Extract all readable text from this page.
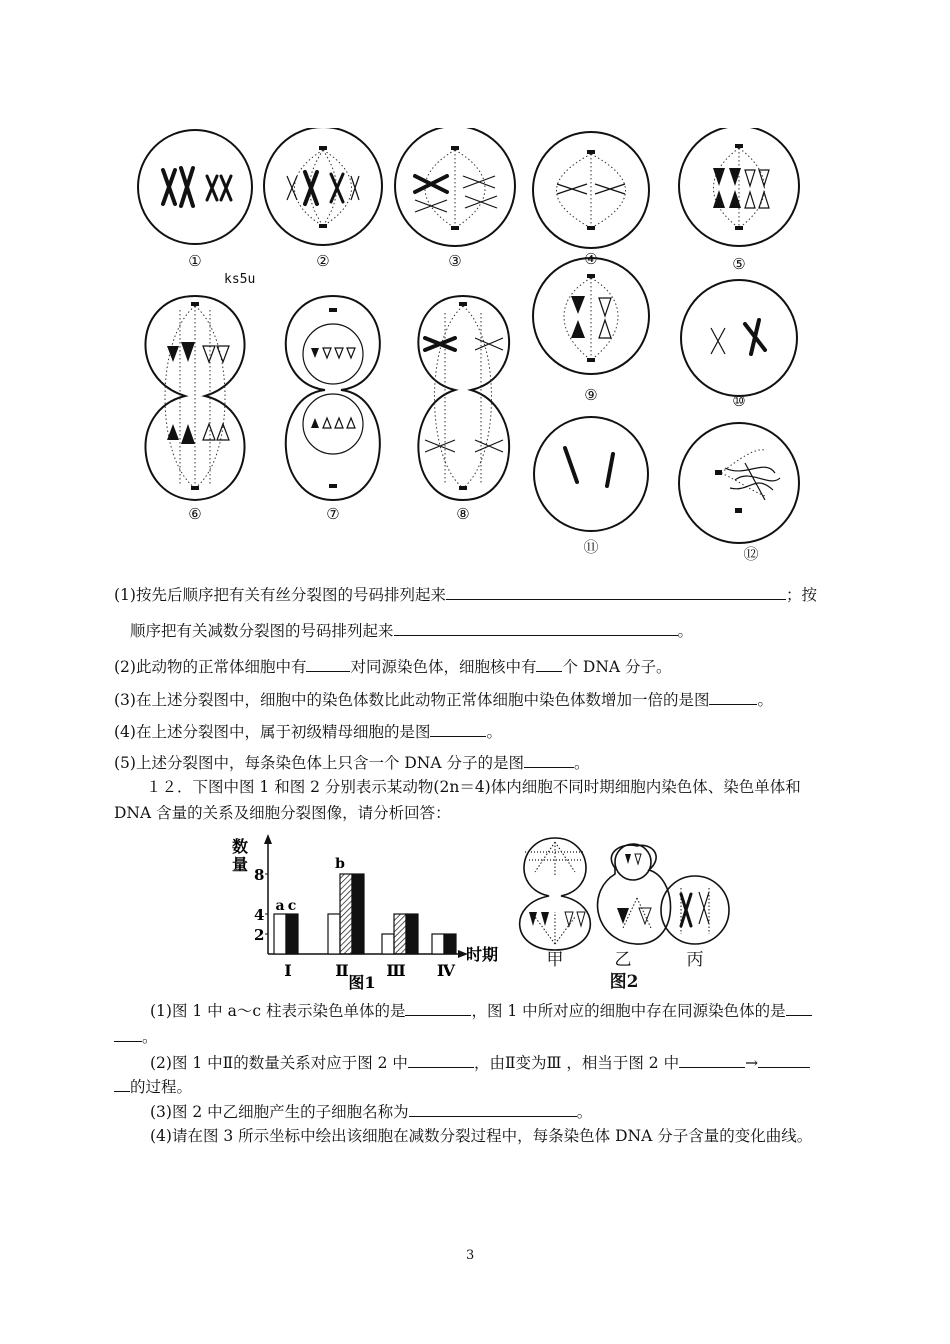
①	②	③	④	⑤
ks5u
⑥	⑦	⑧
⑨	⑩
⑪	⑫
(1)按先后顺序把有关有丝分裂图的号码排列起来	；按
顺序把有关减数分裂图的号码排列起来	。
(2)此动物的正常体细胞中有	对同源染色体，细胞核中有 个 DNA 分子。
(3)在上述分裂图中，细胞中的染色体数比此动物正常体细胞中染色体数增加一倍的是图	。
(4)在上述分裂图中，属于初级精母细胞的是图	。
(5)上述分裂图中，每条染色体上只含一个 DNA 分子的是图	。
１２．下图中图 1 和图 2 分别表示某动物(2n＝4)体内细胞不同时期细胞内染色体、染色单体和
DNA 含量的关系及细胞分裂图像，请分析回答：
数
量
2
4
8
a c
b
Ⅰ	Ⅱ Ⅲ Ⅳ
时期
图1
甲	乙	丙
图2
(1)图 1 中 a～c 柱表示染色单体的是	，图 1 中所对应的细胞中存在同源染色体的是
。
(2)图 1 中Ⅱ的数量关系对应于图 2 中	，由Ⅱ变为Ⅲ ，相当于图 2 中	→
的过程。
(3)图 2 中乙细胞产生的子细胞名称为	。
(4)请在图 3 所示坐标中绘出该细胞在减数分裂过程中，每条染色体 DNA 分子含量的变化曲线。
3
